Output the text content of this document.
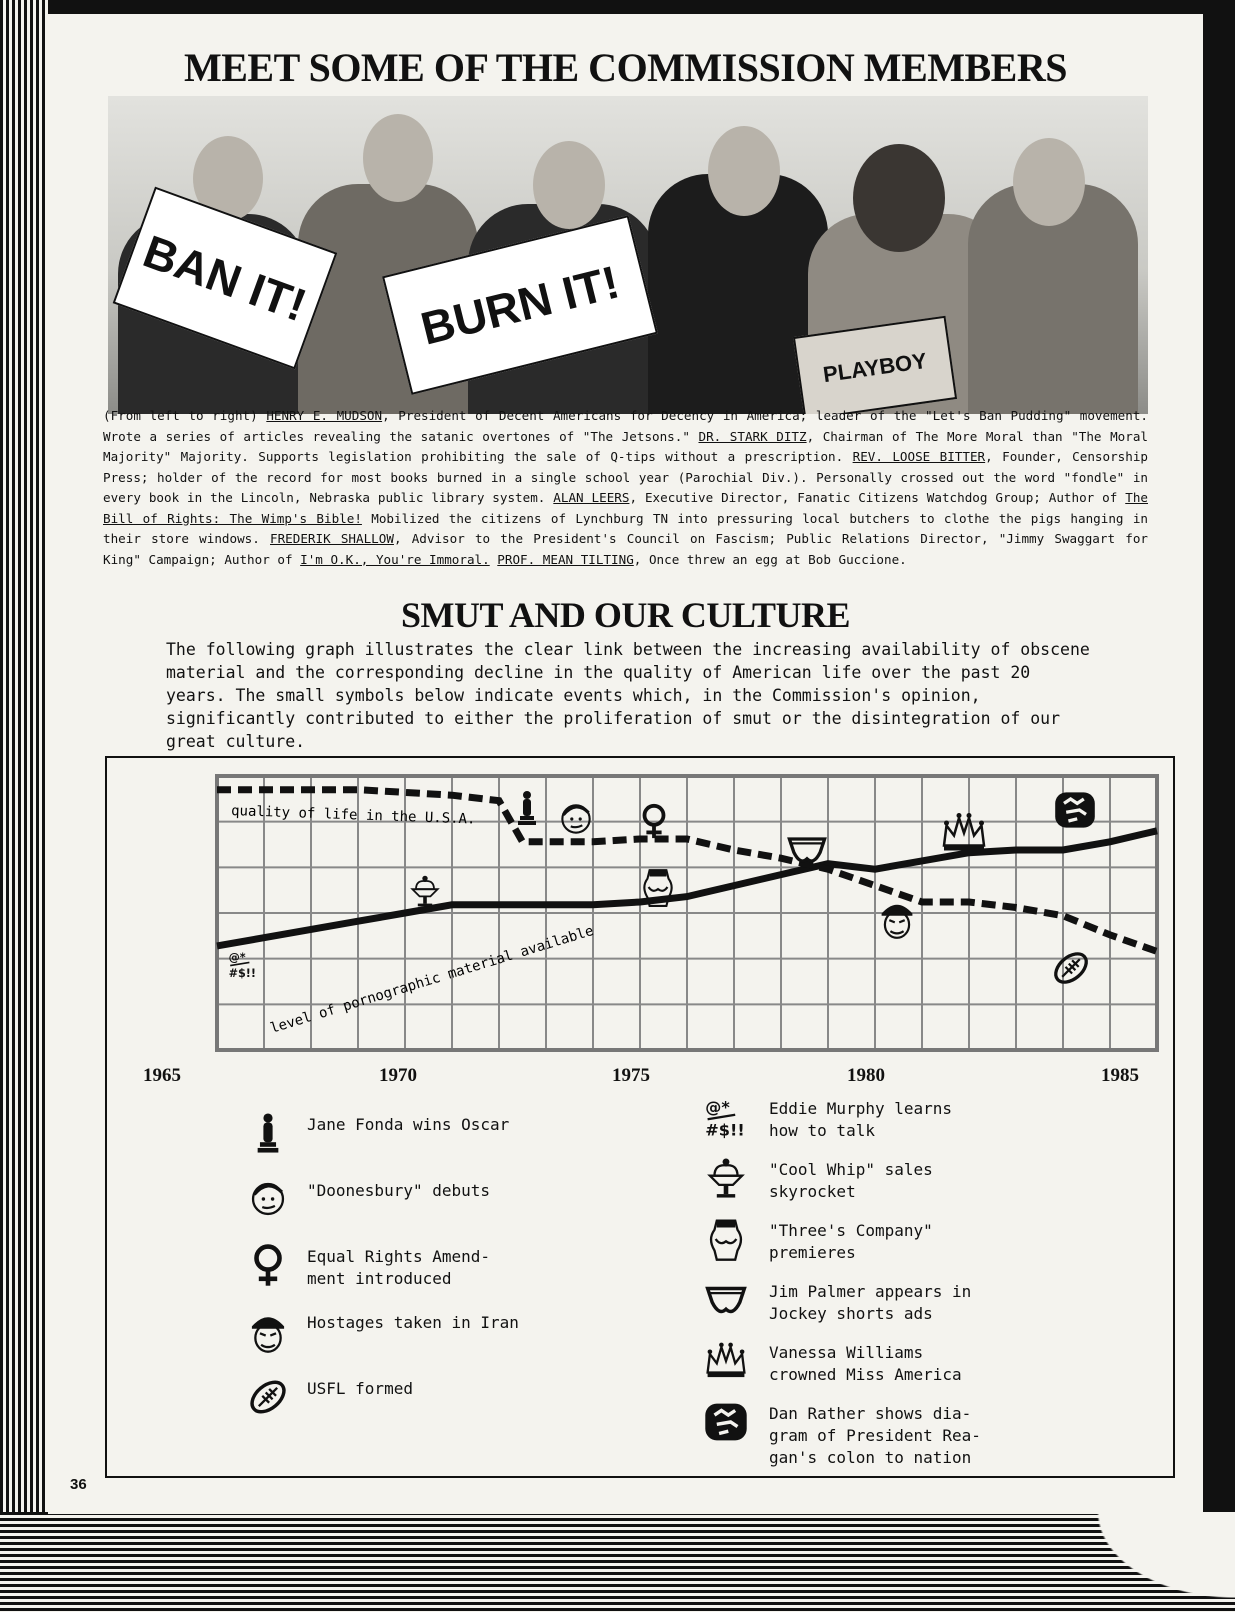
MEET SOME OF THE COMMISSION MEMBERS
BAN IT!	BURN IT!
PLAYBOY
(From left to right) HENRY E. MUDSON, President of Decent Americans for Decency in America; leader of the "Let's Ban Pudding" movement. Wrote a series of articles revealing the satanic overtones of "The Jetsons." DR. STARK DITZ, Chairman of The More Moral than "The Moral Majority" Majority. Supports legislation prohibiting the sale of Q-tips without a prescription. REV. LOOSE BITTER, Founder, Censorship Press; holder of the record for most books burned in a single school year (Parochial Div.). Personally crossed out the word "fondle" in every book in the Lincoln, Nebraska public library system. ALAN LEERS, Executive Director, Fanatic Citizens Watchdog Group; Author of The Bill of Rights: The Wimp's Bible! Mobilized the citizens of Lynchburg TN into pressuring local butchers to clothe the pigs hanging in their store windows. FREDERIK SHALLOW, Advisor to the President's Council on Fascism; Public Relations Director, "Jimmy Swaggart for King" Campaign; Author of I'm O.K., You're Immoral. PROF. MEAN TILTING, Once threw an egg at Bob Guccione.
SMUT AND OUR CULTURE
The following graph illustrates the clear link between the increasing availability of obscene material and the corresponding decline in the quality of American life over the past 20 years. The small symbols below indicate events which, in the Commission's opinion, significantly contributed to either the proliferation of smut or the disintegration of our great culture.
quality of life in the U.S.A.
level of pornographic material available
@*
#$!!
1965	1970	1975	1980	1985
Jane Fonda wins Oscar
"Doonesbury" debuts
Equal Rights Amend-
ment introduced
Hostages taken in Iran
USFL formed
@*
#$!!
Eddie Murphy learns
how to talk
"Cool Whip" sales
skyrocket
"Three's Company"
premieres
Jim Palmer appears in
Jockey shorts ads
Vanessa Williams
crowned Miss America
Dan Rather shows dia-
gram of President Rea-
gan's colon to nation
36
